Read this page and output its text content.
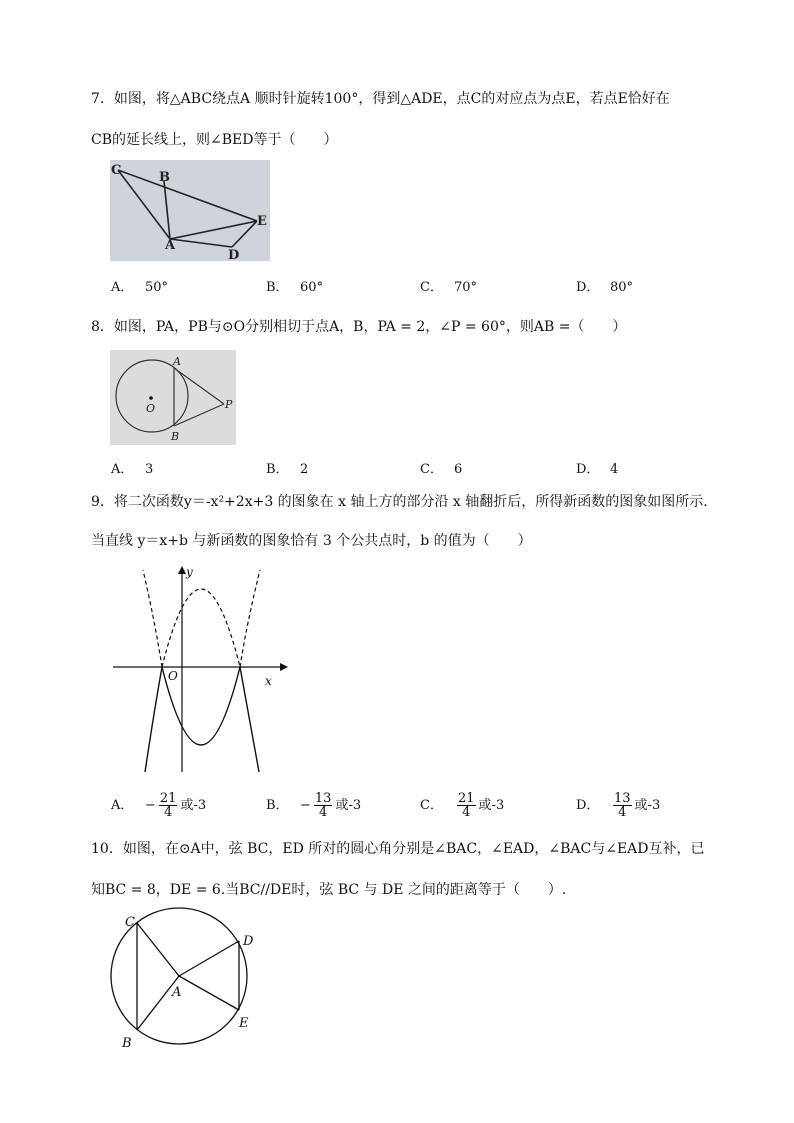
7．如图，将△ABC绕点A 顺时针旋转100°，得到△ADE，点C的对应点为点E，若点E恰好在
CB的延长线上，则∠BED等于（　　）
C	B
A
E
D
A． 50°	B． 60°	C． 70°	D． 80°
8．如图，PA，PB与⊙O分别相切于点A，B，PA = 2，∠P = 60°，则AB =（　　）
A
O	P
B
A． 3	B． 2	C． 6	D． 4
9．将二次函数y＝-x²+2x+3 的图象在 x 轴上方的部分沿 x 轴翻折后，所得新函数的图象如图所示.
当直线 y＝x+b 与新函数的图象恰有 3 个公共点时，b 的值为（　　）
y
x
O
A． − $\frac{21}{4}$ 或-3	B． − $\frac{13}{4}$ 或-3	C． $\frac{21}{4}$ 或-3	D． $\frac{13}{4}$ 或-3
10．如图，在⊙A中，弦 BC，ED 所对的圆心角分别是∠BAC，∠EAD，∠BAC与∠EAD互补，已
知BC = 8，DE = 6.当BC//DE时，弦 BC 与 DE 之间的距离等于（　　）.
C
D
A
E
B
